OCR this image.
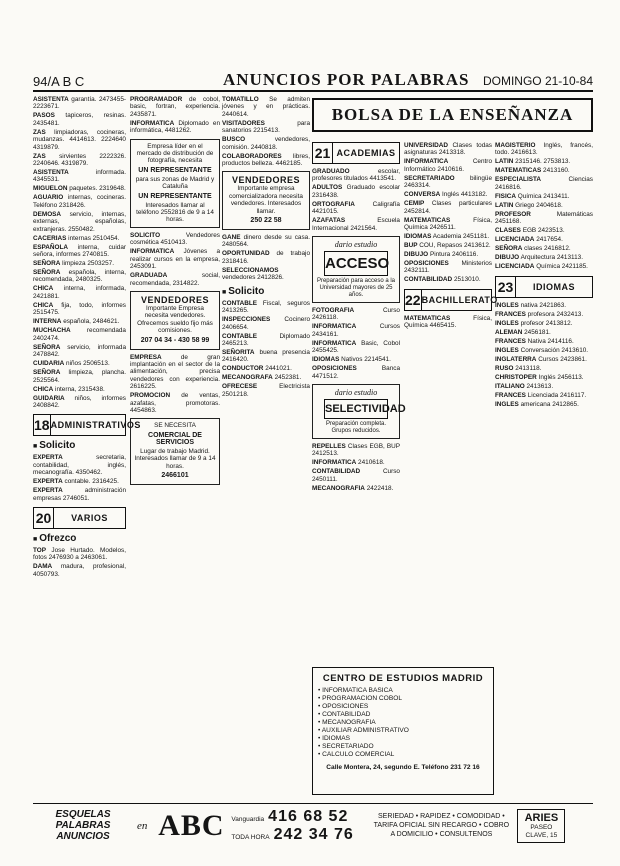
94/A B C	ANUNCIOS POR PALABRAS DOMINGO 21-10-84

ASISTENTA garantía. 2473455-2223671.

PASOS tapiceros, resinas. 2435481.

ZAS limpiadoras, cocineras, mudanzas. 4414613. 2224640 4319879.

ZAS sirvientes 2222326. 2240646. 4319879.

ASISTENTA	informada. 4345531.

MIGUELON paquetes. 2319648.

AGUARIO internas, cocineras. Teléfono 2318426.

DEMOSA servicio, internas, externas, españolas, extranjeras. 2550482.

CACERIAS internas 2510454.

ESPAÑOLA interna, cuidar señora, informes 2740815.

SEÑORA limpieza 2503257.

SEÑORA española, interna, recomendada, 2480325.

CHICA interna, informada, 2421881.

CHICA fija, todo, informes 2515475.

INTERNA española, 2484621.

MUCHACHA	recomendada 2402474.

SEÑORA servicio, informada 2478842.

CUIDARIA niños 2506513.

SEÑORA limpieza, plancha. 2525564.

CHICA interna, 2315438.

GUIDARIA niños, informes 2408842.

18 ADMINISTRATIVOS
■ Solicito

EXPERTA	secretaria, contabilidad, inglés, mecanografía. 4350462.

EXPERTA contable. 2316425.

EXPERTA	administración empresas 2746051.

20	VARIOS
■ Ofrezco

TOP Jose Hurtado. Modelos, fotos 2476930 a 2463061.

DAMA madura, profesional, 4050793.

PROGRAMADOR de cobol, basic, fortran, experiencia. 2435871.

INFORMATICA Diplomado en informática, 4481262.

Empresa líder en el mercado de distribución de fotografía, necesita
UN REPRESENTANTE
para sus zonas de Madrid y Cataluña
UN REPRESENTANTE
Interesados llamar al teléfono 2552816 de 9 a 14 horas.

SOLICITO	Vendedores cosmética 4510413.

INFORMATICA Jóvenes a realizar cursos en la empresa, 2453091.

GRADUADA	social, recomendada, 2314822.

VENDEDORES
Importante Empresa necesita vendedores. Ofrecemos sueldo fijo más comisiones.
207 04 34 - 430 58 99

EMPRESA	de gran implantación en el sector de la alimentación, precisa vendedores con experiencia. 2616225.

PROMOCION de ventas, azafatas, promotoras. 4454863.

SE NECESITA
COMERCIAL DE SERVICIOS
Lugar de trabajo Madrid. Interesados llamar de 9 a 14 horas.
2466101

TOMATILLO Se admiten jóvenes y en prácticas. 2440614.

VISITADORES	para sanatorios 2215413.

BUSCO	vendedores, comisión. 2440818.

COLABORADORES libres, productos belleza. 4462185.

VENDEDORES
Importante empresa comercializadora necesita vendedores. Interesados llamar.
250 22 58

GANE dinero desde su casa. 2480564.

OPORTUNIDAD de trabajo 2318416.

SELECCIONAMOS vendedores 2412826.

■ Solicito

CONTABLE Fiscal, seguros 2413265.

INSPECCIONES Cocinero 2406654.

CONTABLE	Diplomado 2465213.

SEÑORITA buena presencia 2416420.

CONDUCTOR 2441021.

MECANOGRAFA 2452381.

OFRECESE	Electricista 2501218.

BOLSA DE LA ENSEÑANZA
21 ACADEMIAS

GRADUADO	escolar, profesores titulados 4413541.

ADULTOS Graduado escolar 2316438.

ORTOGRAFIA	Caligrafía 4421015.

AZAFATAS	Escuela Internacional 2421564.

dario estudio
ACCESO
Preparación para acceso a la Universidad mayores de 25 años.

FOTOGRAFIA	Curso 2426118.

INFORMATICA	Cursos 2434161.

INFORMATICA Basic, Cobol 2455425.

IDIOMAS Nativos 2214541.

OPOSICIONES	Banca 4471512.

dario estudio
SELECTIVIDAD
Preparación completa. Grupos reducidos.

REPELLES Clases EGB, BUP 2412513.

INFORMATICA 2410618.

CONTABILIDAD	Curso 2450111.

MECANOGRAFIA 2422418.

UNIVERSIDAD Clases todas asignaturas 2413318.

INFORMATICA	Centro Informático 2410616.

SECRETARIADO bilingüe 2463314.

CONVERSA Inglés 4413182.

CEMIP Clases particulares 2452814.

MATEMATICAS	Física, Química 2426511.

IDIOMAS Academia 2451181.

BUP COU, Repasos 2413612.

DIBUJO Pintura 2406116.

OPOSICIONES Ministerios 2432111.

CONTABILIDAD 2513010.

22 BACHILLERATO

MATEMATICAS	Física, Química 4465415.

CENTRO DE ESTUDIOS MADRID
• INFORMATICA BASICA
• PROGRAMACION COBOL
• OPOSICIONES
• CONTABILIDAD
• MECANOGRAFIA
• AUXILIAR ADMINISTRATIVO
• IDIOMAS
• SECRETARIADO
• CALCULO COMERCIAL
Calle Montera, 24, segundo E. Teléfono 231 72 16

MAGISTERIO Inglés, francés, todo. 2416613.

LATIN 2315146. 2753813.

MATEMATICAS 2413160.

ESPECIALISTA	Ciencias 2416816.

FISICA Química 2413411.

LATIN Griego 2404618.

PROFESOR	Matemáticas 2451168.

CLASES EGB 2423513.

LICENCIADA 2417654.

SEÑORA clases 2416812.

DIBUJO Arquitectura 2413113.

LICENCIADA Química 2421185.

23	IDIOMAS

INGLES nativa 2421863.

FRANCES profesora 2432413.

INGLES profesor 2413812.

ALEMAN 2456181.

FRANCES Nativa 2414116.

INGLES Conversación 2413610.

INGLATERRA Cursos 2423861.

RUSO 2413118.

CHRISTOPER Inglés 2456113.

ITALIANO 2413613.

FRANCES Licenciada 2416117.

INGLES americana 2412865.

ESQUELAS PALABRAS ANUNCIOS
en ABC	Vanguardia 416 68 52
TODA HORA 242 34 76
SERIEDAD • RAPIDEZ • COMODIDAD • TARIFA OFICIAL SIN RECARGO • COBRO A DOMICILIO • CONSULTENOS
ARIES
PASEO CLAVE, 15
